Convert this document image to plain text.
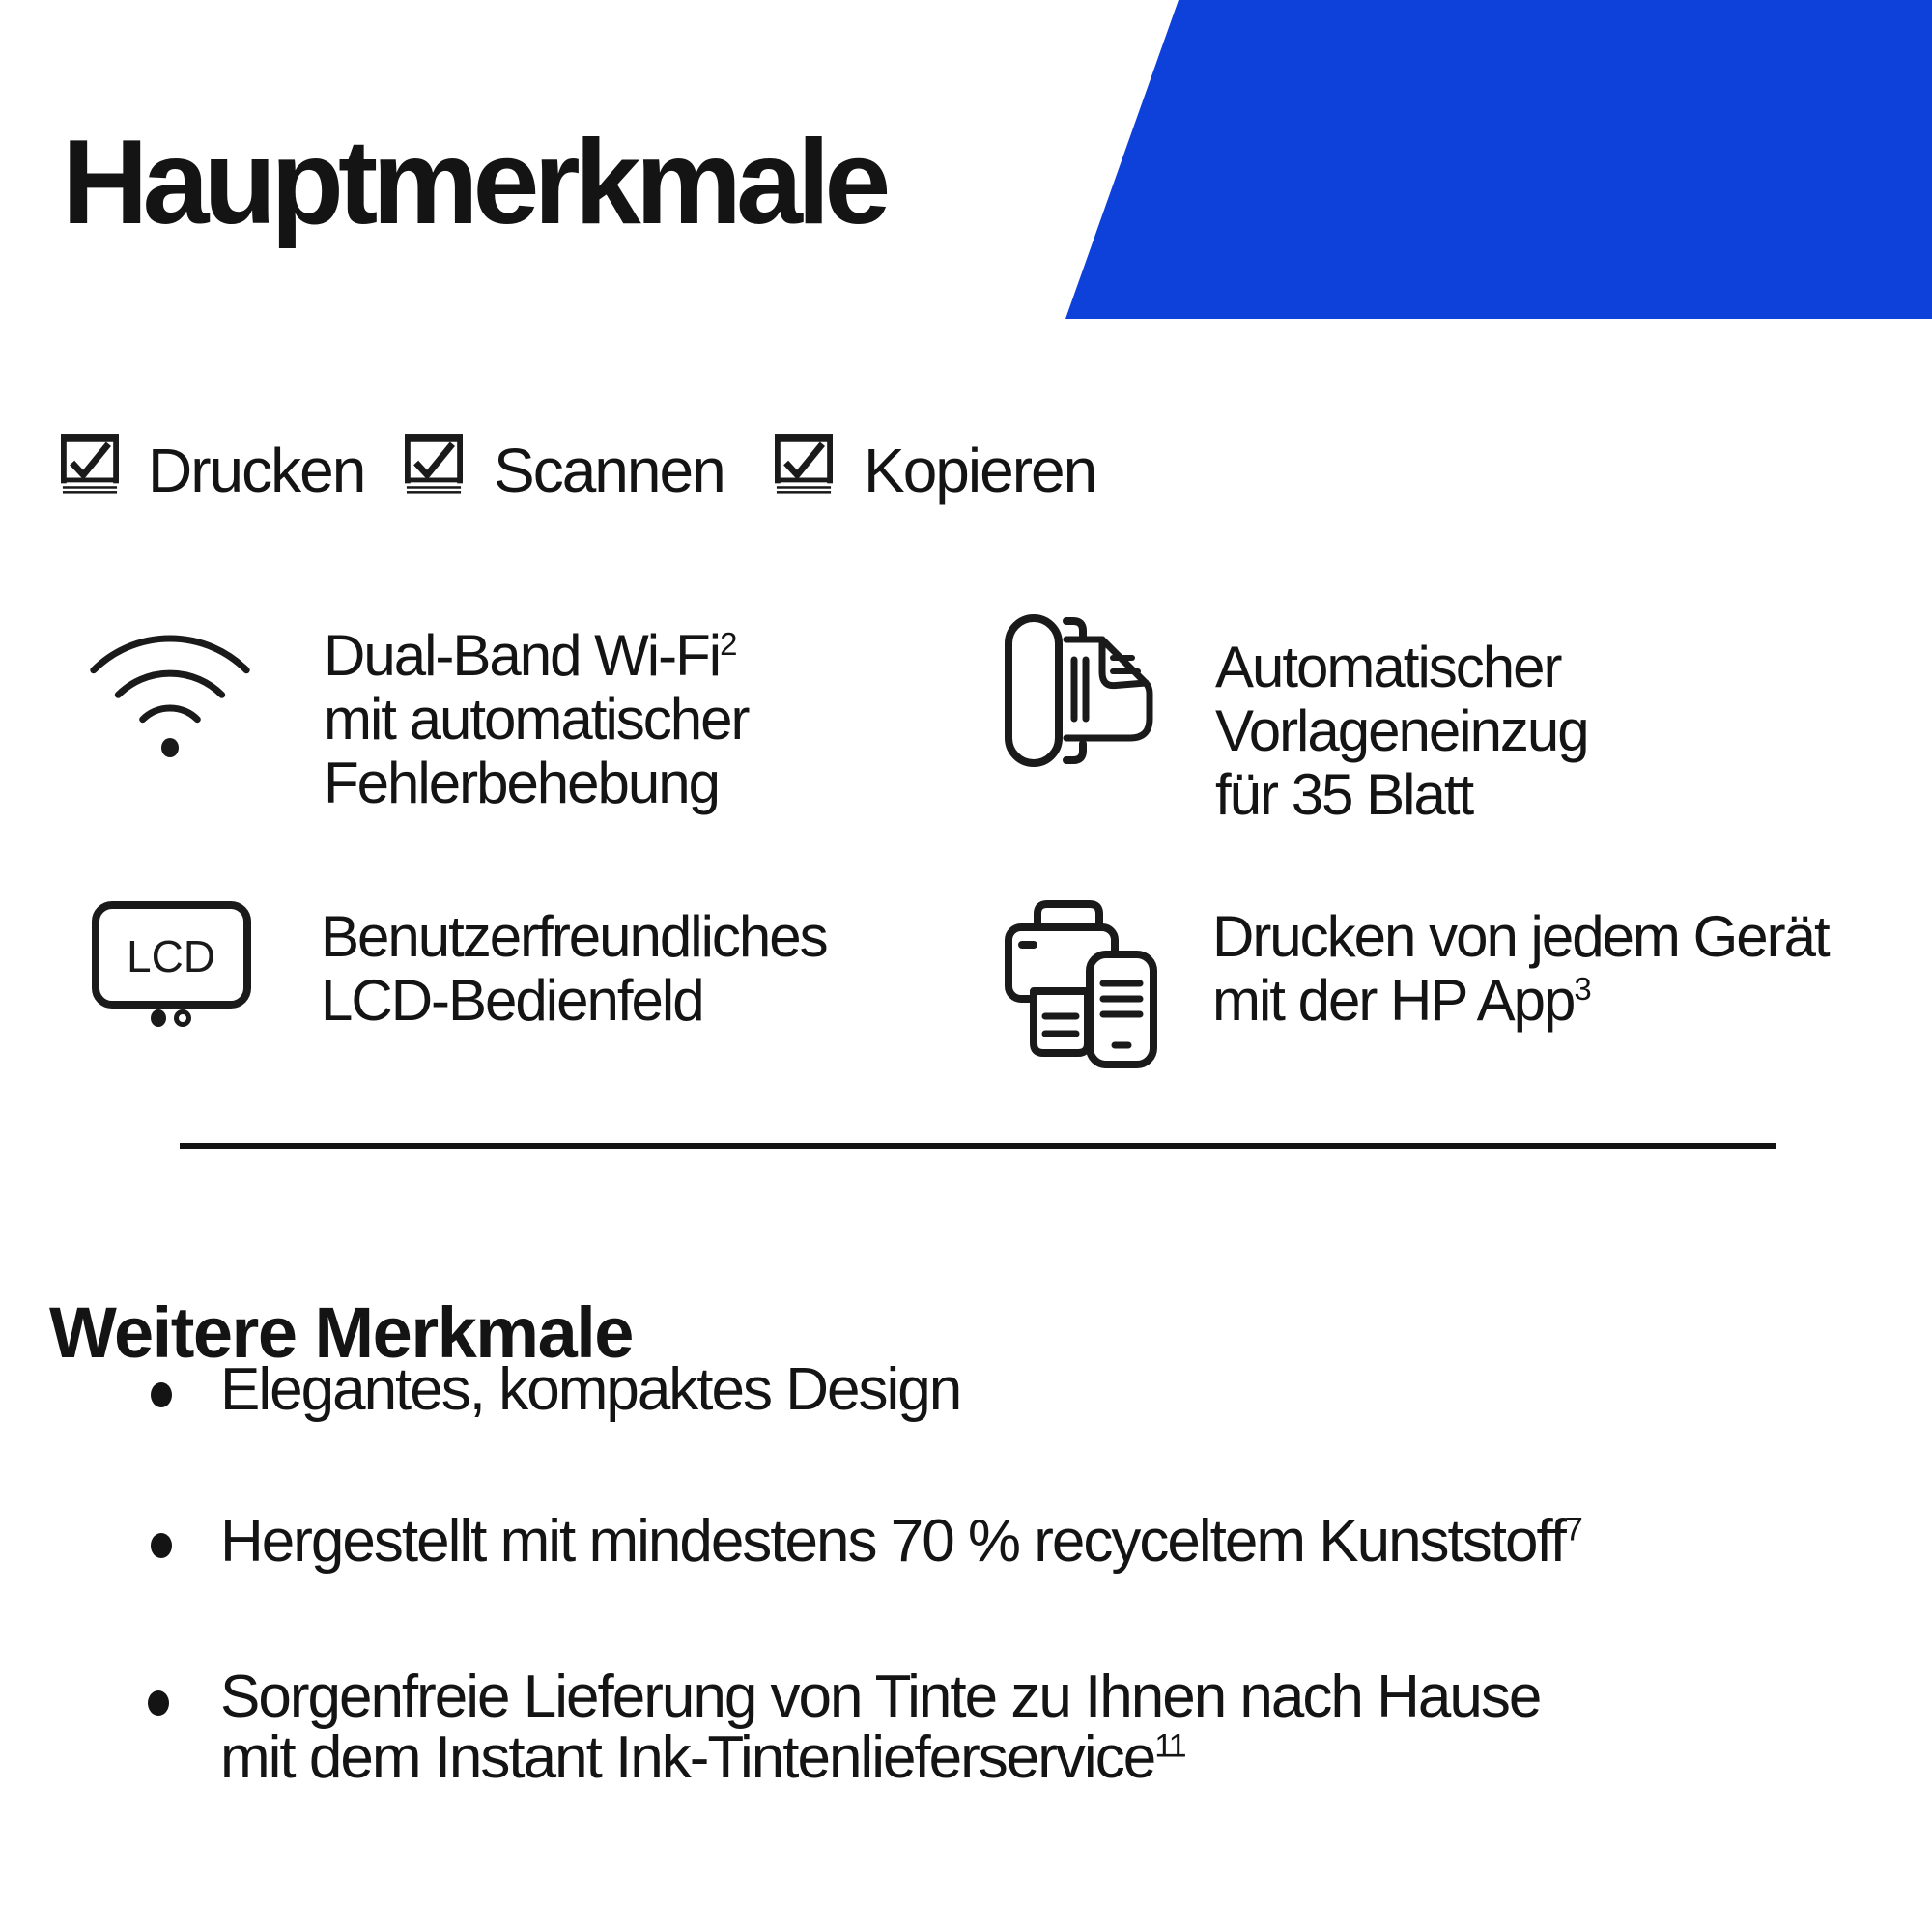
Hauptmerkmale
Drucken Scannen Kopieren
Dual-Band Wi-Fi$^2$
mit automatischer
Fehlerbehebung
Automatischer
Vorlageneinzug
für 35 Blatt
LCD Benutzerfreundliches
LCD-Bedienfeld
Drucken von jedem Gerät
mit der HP App$^3$
Weitere Merkmale
Elegantes, kompaktes Design
Hergestellt mit mindestens 70 % recyceltem Kunststoff$^7$
Sorgenfreie Lieferung von Tinte zu Ihnen nach Hause
mit dem Instant Ink-Tintenlieferservice$^{11}$
